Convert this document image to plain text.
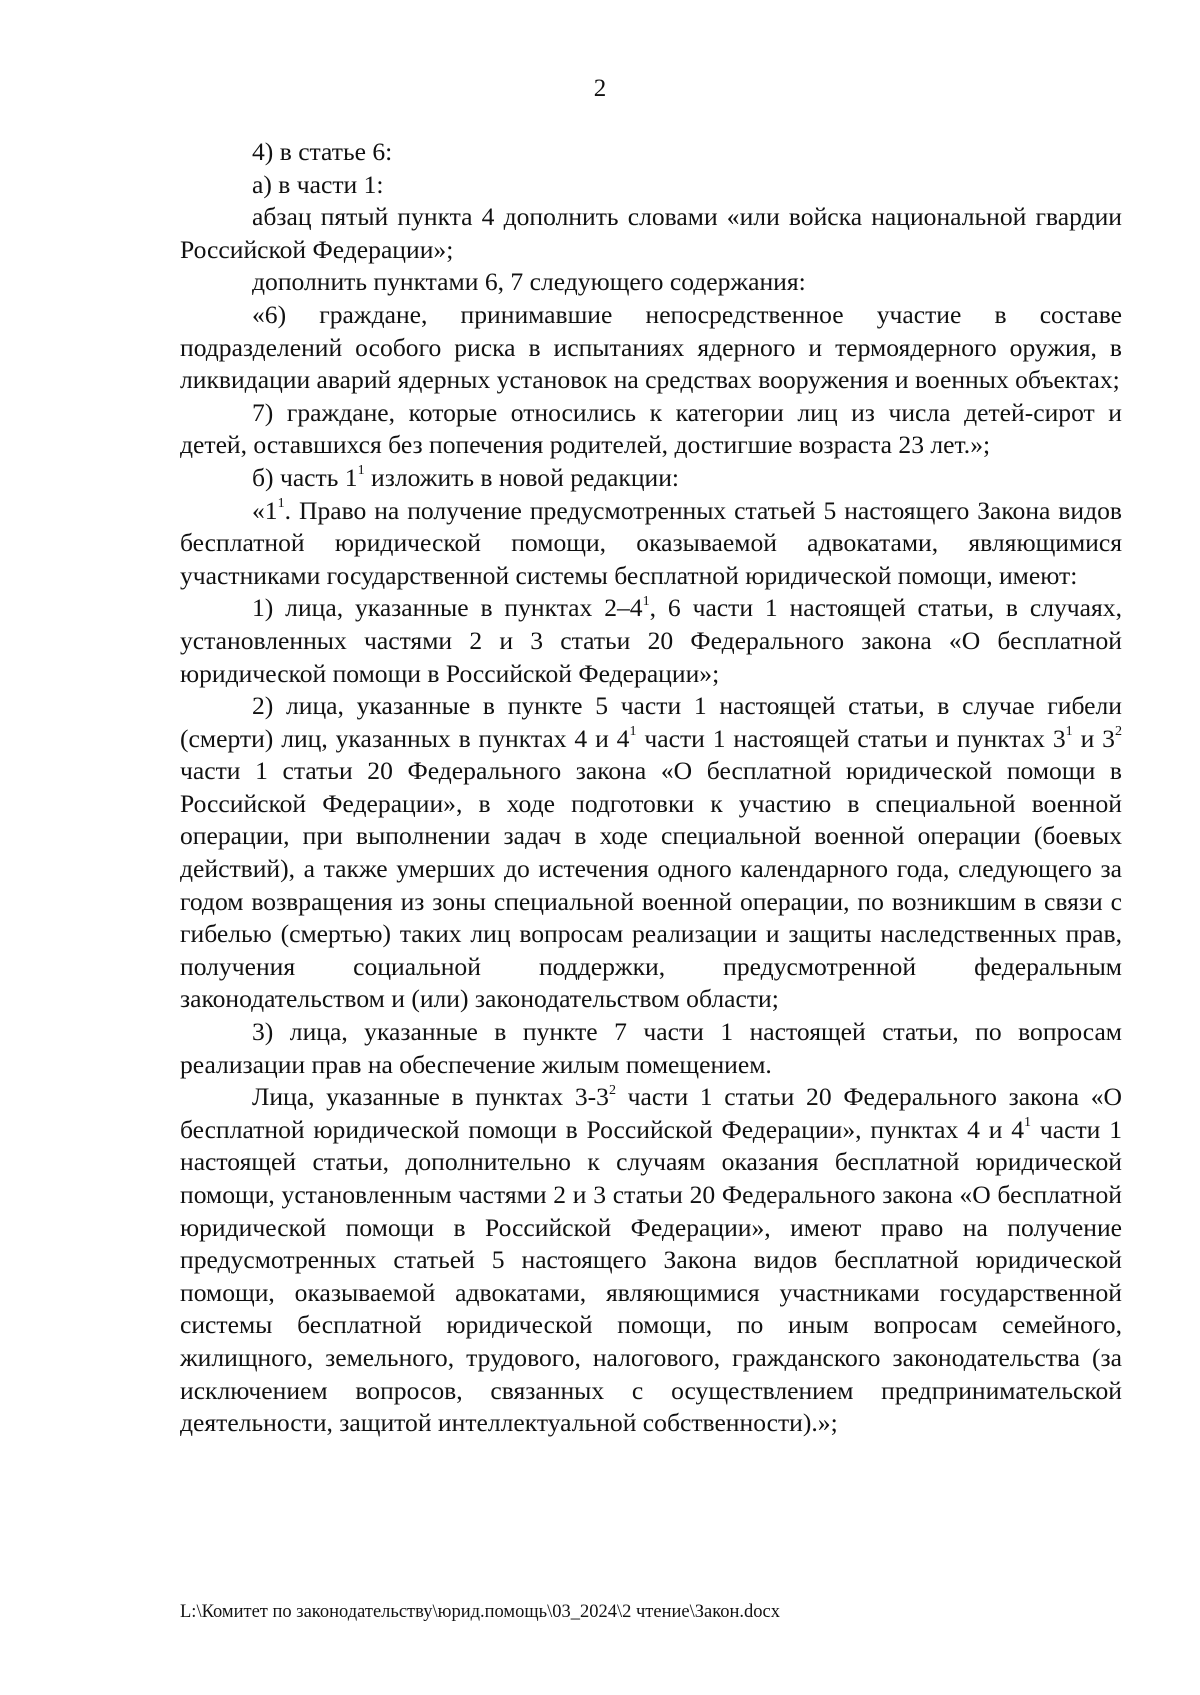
2

4) в статье 6:

а) в части 1:

абзац пятый пункта 4 дополнить словами «или войска национальной гвардии Российской Федерации»;

дополнить пунктами 6, 7 следующего содержания:

«6) граждане, принимавшие непосредственное участие в составе подразделений особого риска в испытаниях ядерного и термоядерного оружия, в ликвидации аварий ядерных установок на средствах вооружения и военных объектах;

7) граждане, которые относились к категории лиц из числа детей-сирот и детей, оставшихся без попечения родителей, достигшие возраста 23 лет.»;

б) часть $1^1$ изложить в новой редакции:

«$1^1$. Право на получение предусмотренных статьей 5 настоящего Закона видов бесплатной юридической помощи, оказываемой адвокатами, являющимися участниками государственной системы бесплатной юридической помощи, имеют:

1) лица, указанные в пунктах $2-4^1$, 6 части 1 настоящей статьи, в случаях, установленных частями 2 и 3 статьи 20 Федерального закона «О бесплатной юридической помощи в Российской Федерации»;

2) лица, указанные в пункте 5 части 1 настоящей статьи, в случае гибели (смерти) лиц, указанных в пунктах 4 и $4^1$ части 1 настоящей статьи и пунктах $3^1$ и $3^2$ части 1 статьи 20 Федерального закона «О бесплатной юридической помощи в Российской Федерации», в ходе подготовки к участию в специальной военной операции, при выполнении задач в ходе специальной военной операции (боевых действий), а также умерших до истечения одного календарного года, следующего за годом возвращения из зоны специальной военной операции, по возникшим в связи с гибелью (смертью) таких лиц вопросам реализации и защиты наследственных прав, получения социальной поддержки, предусмотренной федеральным законодательством и (или) законодательством области;

3) лица, указанные в пункте 7 части 1 настоящей статьи, по вопросам реализации прав на обеспечение жилым помещением.

Лица, указанные в пунктах $3-3^2$ части 1 статьи 20 Федерального закона «О бесплатной юридической помощи в Российской Федерации», пунктах 4 и $4^1$ части 1 настоящей статьи, дополнительно к случаям оказания бесплатной юридической помощи, установленным частями 2 и 3 статьи 20 Федерального закона «О бесплатной юридической помощи в Российской Федерации», имеют право на получение предусмотренных статьей 5 настоящего Закона видов бесплатной юридической помощи, оказываемой адвокатами, являющимися участниками государственной системы бесплатной юридической помощи, по иным вопросам семейного, жилищного, земельного, трудового, налогового, гражданского законодательства (за исключением вопросов, связанных с осуществлением предпринимательской деятельности, защитой интеллектуальной собственности).»;

L:\Комитет по законодательству\юрид.помощь\03_2024\2 чтение\Закон.docx
